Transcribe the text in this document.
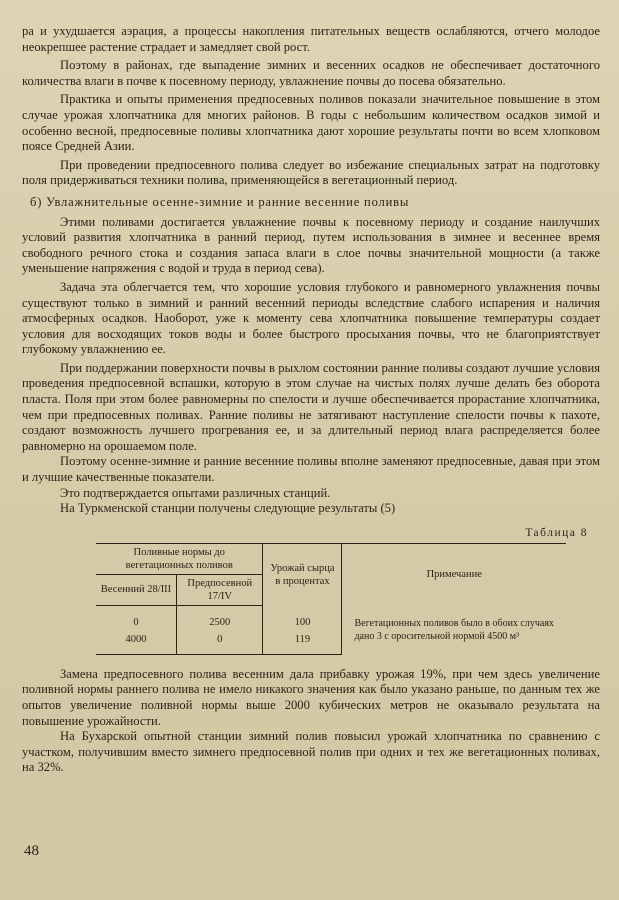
ра и ухудшается аэрация, а процессы накопления питательных веществ ослабляются, отчего молодое неокрепшее растение страдает и замедляет свой рост.

Поэтому в районах, где выпадение зимних и весенних осадков не обеспечивает достаточного количества влаги в почве к посевному периоду, увлажнение почвы до посева обязательно.

Практика и опыты применения предпосевных поливов показали значительное повышение в этом случае урожая хлопчатника для многих районов. В годы с небольшим количеством осадков зимой и особенно весной, предпосевные поливы хлопчатника дают хорошие результаты почти во всем хлопковом поясе Средней Азии.

При проведении предпосевного полива следует во избежание специальных затрат на подготовку поля придерживаться техники полива, применяющейся в вегетационный период.

б) Увлажнительные осенне-зимние и ранние весенние поливы

Этими поливами достигается увлажнение почвы к посевному периоду и создание наилучших условий развития хлопчатника в ранний период, путем использования в зимнее и весеннее время свободного речного стока и создания запаса влаги в слое почвы значительной мощности (а также уменьшение напряжения с водой и труда в период сева).

Задача эта облегчается тем, что хорошие условия глубокого и равномерного увлажнения почвы существуют только в зимний и ранний весенний периоды вследствие слабого испарения и наличия атмосферных осадков. Наоборот, уже к моменту сева хлопчатника повышение температуры создает условия для восходящих токов воды и более быстрого просыхания почвы, что не благоприятствует глубокому увлажнению ее.

При поддержании поверхности почвы в рыхлом состоянии ранние поливы создают лучшие условия проведения предпосевной вспашки, которую в этом случае на чистых полях лучше делать без оборота пласта. Поля при этом более равномерны по спелости и лучше обеспечивается прорастание хлопчатника, чем при предпосевных поливах. Ранние поливы не затягивают наступление спелости почвы к пахоте, создают возможность лучшего прогревания ее, и за длительный период влага распределяется более равномерно на орошаемом поле.

Поэтому осенне-зимние и ранние весенние поливы вполне заменяют предпосевные, давая при этом и лучшие качественные показатели.

Это подтверждается опытами различных станций.

На Туркменской станции получены следующие результаты (5)

Таблица 8
Поливные нормы до вегетационных поливов		Урожай сырца в процентах	Примечание
Весенний 28/III	Предпосевной 17/IV		
0	2500	100	Вегетационных поливов было в обоих случаях дано 3 с оросительной нормой 4500 м³
4000	0	119	

Замена предпосевного полива весенним дала прибавку урожая 19%, при чем здесь увеличение поливной нормы раннего полива не имело никакого значения как было указано раньше, по данным тех же опытов увеличение поливной нормы выше 2000 кубических метров не оказывало результата на повышение урожайности.

На Бухарской опытной станции зимний полив повысил урожай хлопчатника по сравнению с участком, получившим вместо зимнего предпосевной полив при одних и тех же вегетационных поливах, на 32%.

48
